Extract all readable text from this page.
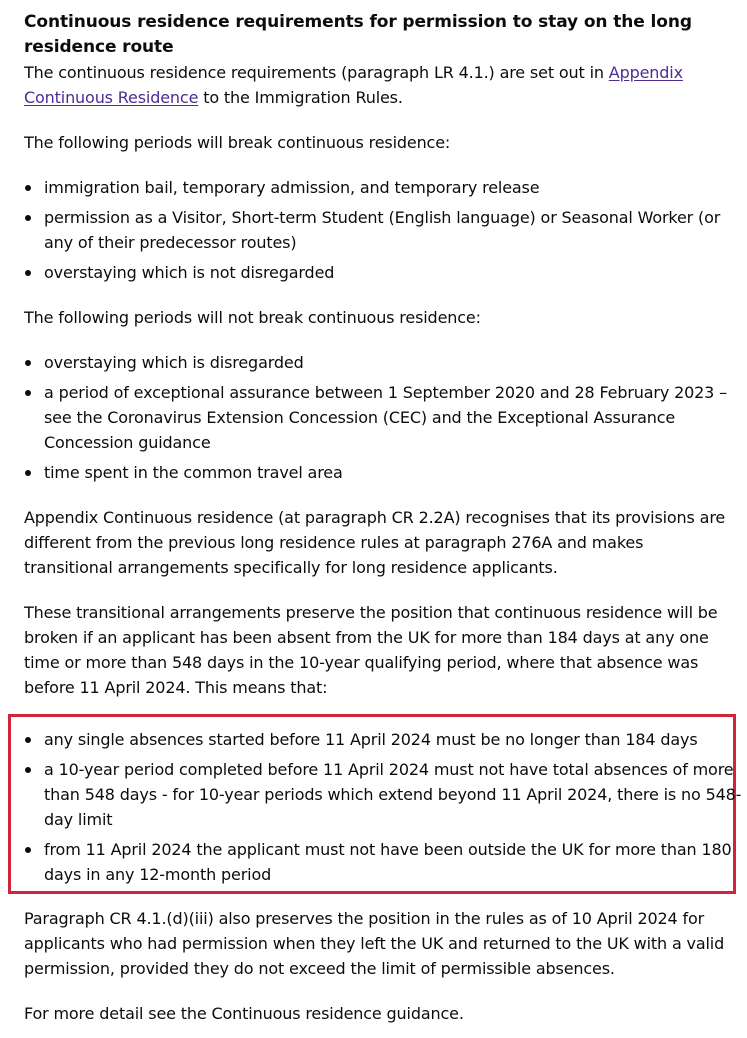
Continuous residence requirements for permission to stay on the long residence route

The continuous residence requirements (paragraph LR 4.1.) are set out in Appendix Continuous Residence to the Immigration Rules.

The following periods will break continuous residence:

immigration bail, temporary admission, and temporary release
permission as a Visitor, Short-term Student (English language) or Seasonal Worker (or any of their predecessor routes)
overstaying which is not disregarded

The following periods will not break continuous residence:

overstaying which is disregarded
a period of exceptional assurance between 1 September 2020 and 28 February 2023 – see the Coronavirus Extension Concession (CEC) and the Exceptional Assurance Concession guidance
time spent in the common travel area

Appendix Continuous residence (at paragraph CR 2.2A) recognises that its provisions are different from the previous long residence rules at paragraph 276A and makes transitional arrangements specifically for long residence applicants.

These transitional arrangements preserve the position that continuous residence will be broken if an applicant has been absent from the UK for more than 184 days at any one time or more than 548 days in the 10-year qualifying period, where that absence was before 11 April 2024. This means that:

any single absences started before 11 April 2024 must be no longer than 184 days
a 10-year period completed before 11 April 2024 must not have total absences of more than 548 days - for 10-year periods which extend beyond 11 April 2024, there is no 548-day limit
from 11 April 2024 the applicant must not have been outside the UK for more than 180 days in any 12-month period

Paragraph CR 4.1.(d)(iii) also preserves the position in the rules as of 10 April 2024 for applicants who had permission when they left the UK and returned to the UK with a valid permission, provided they do not exceed the limit of permissible absences.

For more detail see the Continuous residence guidance.
